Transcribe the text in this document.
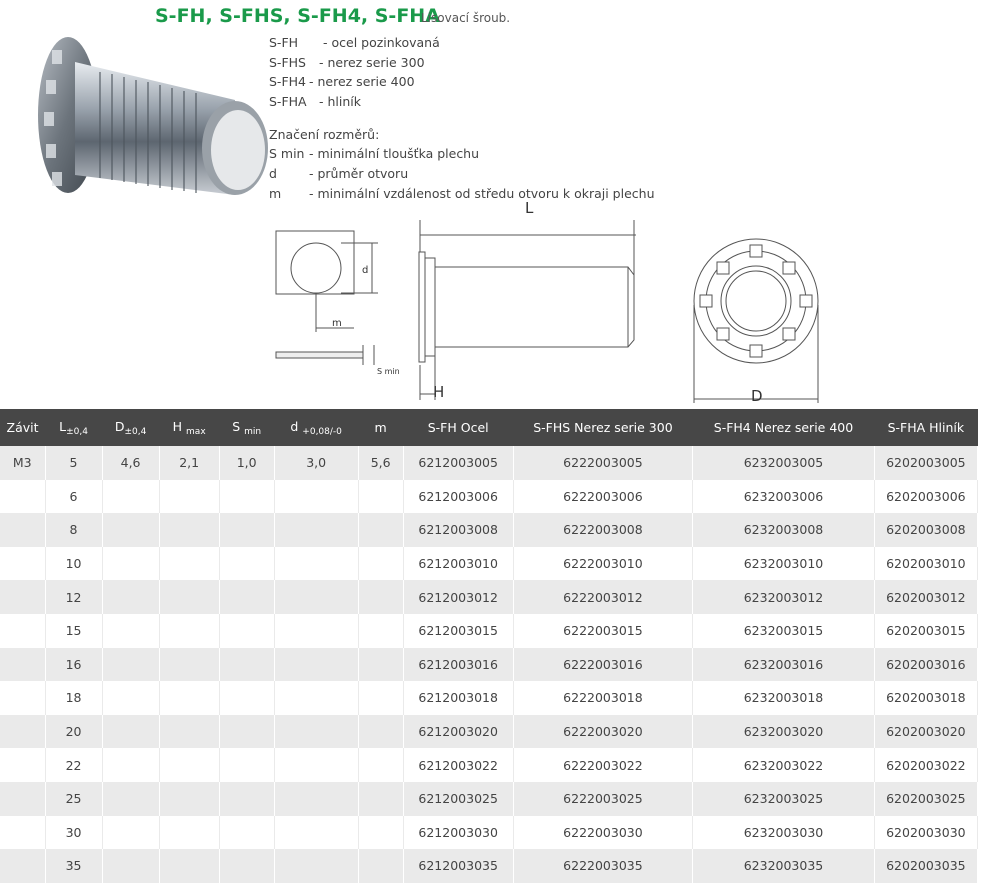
S-FH, S-FHS, S-FH4, S-FHA
Lisovací šroub.
S-FH - ocel pozinkovaná
S-FHS - nerez serie 300
S-FH4 - nerez serie 400
S-FHA - hliník
Značení rozměrů:
S min - minimální tloušťka plechu
d	- průměr otvoru
m - minimální vzdálenost od středu otvoru k okraji plechu
L
H	D
d
m
S min
Závit	$L_{\pm 0,4}$	$D_{\pm 0,4}$	H $_{max}$	S $_{min}$	d $_{+0,08/-0}$	m	S-FH Ocel	S-FHS Nerez serie 300	S-FH4 Nerez serie 400	S-FHA Hliník
M3	5	4,6	2,1	1,0	3,0	5,6	6212003005	6222003005	6232003005	6202003005
	6						6212003006	6222003006	6232003006	6202003006
	8						6212003008	6222003008	6232003008	6202003008
	10						6212003010	6222003010	6232003010	6202003010
	12						6212003012	6222003012	6232003012	6202003012
	15						6212003015	6222003015	6232003015	6202003015
	16						6212003016	6222003016	6232003016	6202003016
	18						6212003018	6222003018	6232003018	6202003018
	20						6212003020	6222003020	6232003020	6202003020
	22						6212003022	6222003022	6232003022	6202003022
	25						6212003025	6222003025	6232003025	6202003025
	30						6212003030	6222003030	6232003030	6202003030
	35						6212003035	6222003035	6232003035	6202003035
